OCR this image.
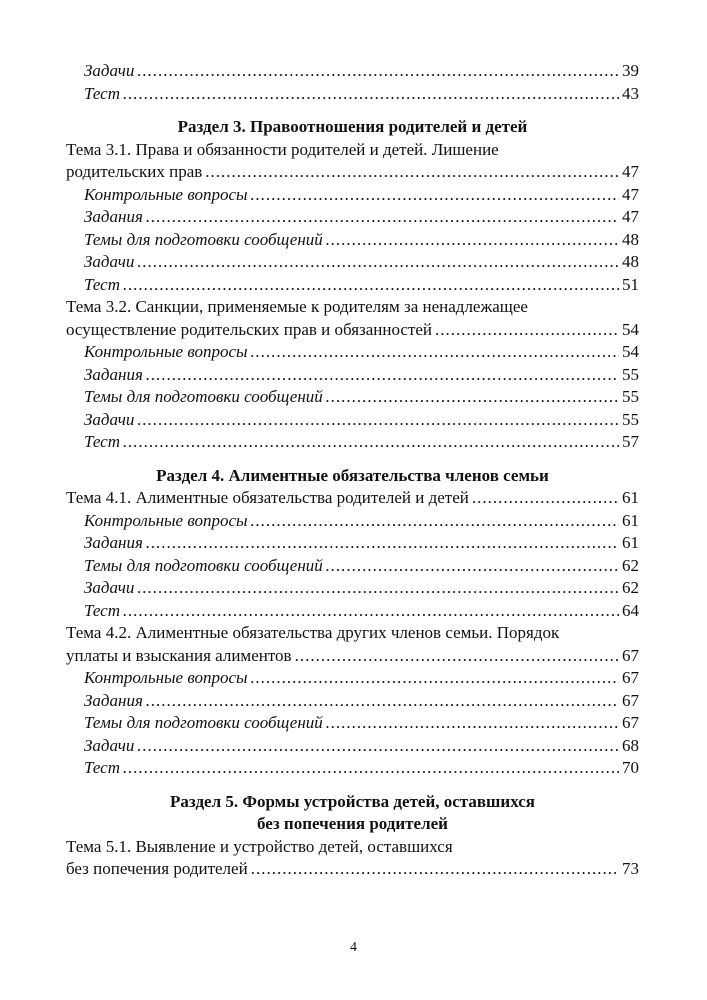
Задачи .....	39
Тест .....	43
Раздел 3. Правоотношения родителей и детей
Тема 3.1. Права и обязанности родителей и детей. Лишение
родительских прав .....	47
Контрольные вопросы .....	47
Задания .....	47
Темы для подготовки сообщений .....	48
Задачи .....	48
Тест .....	51
Тема 3.2. Санкции, применяемые к родителям за ненадлежащее
осуществление родительских прав и обязанностей .....	54
Контрольные вопросы .....	54
Задания .....	55
Темы для подготовки сообщений .....	55
Задачи .....	55
Тест .....	57
Раздел 4. Алиментные обязательства членов семьи
Тема 4.1. Алиментные обязательства родителей и детей .....	61
Контрольные вопросы .....	61
Задания .....	61
Темы для подготовки сообщений .....	62
Задачи .....	62
Тест .....	64
Тема 4.2. Алиментные обязательства других членов семьи. Порядок
уплаты и взыскания алиментов .....	67
Контрольные вопросы .....	67
Задания .....	67
Темы для подготовки сообщений .....	67
Задачи .....	68
Тест .....	70
Раздел 5. Формы устройства детей, оставшихся
без попечения родителей
Тема 5.1. Выявление и устройство детей, оставшихся
без попечения родителей .....	73
4
